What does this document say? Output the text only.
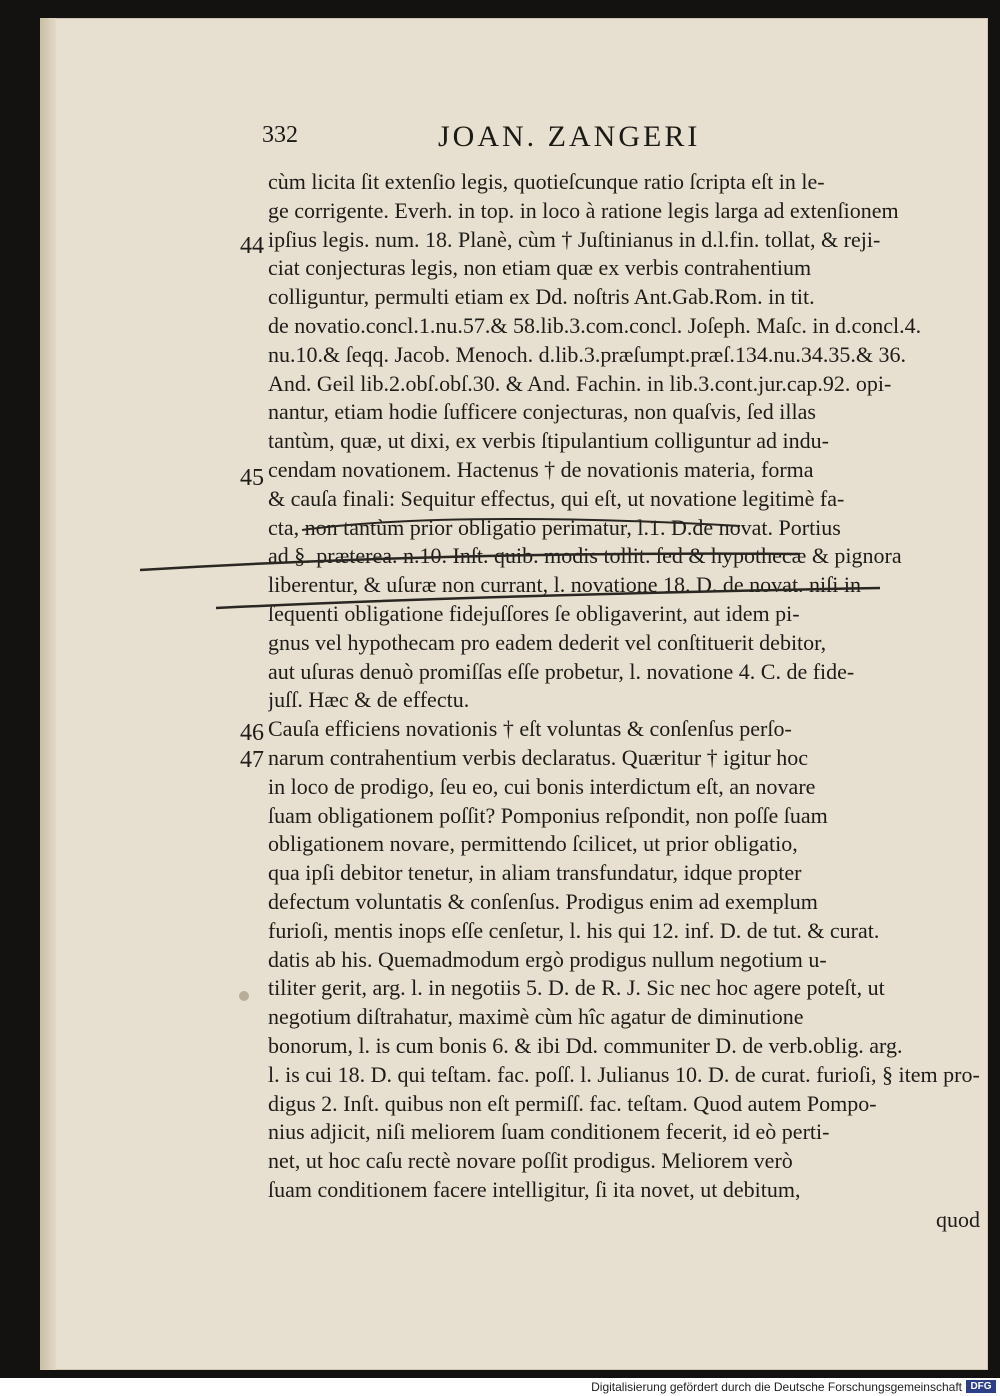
332	JOAN. ZANGERI
44
45
46
47
cùm licita ſit extenſio legis, quotieſcunque ratio ſcripta eſt in le-
ge corrigente. Everh. in top. in loco à ratione legis larga ad extenſionem
ipſius legis. num. 18. Planè, cùm † Juſtinianus in d.l.fin. tollat, & reji-
ciat conjecturas legis, non etiam quæ ex verbis contrahentium
colliguntur, permulti etiam ex Dd. noſtris Ant.Gab.Rom. in tit.
de novatio.concl.1.nu.57.& 58.lib.3.com.concl. Joſeph. Maſc. in d.concl.4.
nu.10.& ſeqq. Jacob. Menoch. d.lib.3.præſumpt.præſ.134.nu.34.35.& 36.
And. Geil lib.2.obſ.obſ.30. & And. Fachin. in lib.3.cont.jur.cap.92. opi-
nantur, etiam hodie ſufficere conjecturas, non quaſvis, ſed illas
tantùm, quæ, ut dixi, ex verbis ſtipulantium colliguntur ad indu-
cendam novationem. Hactenus † de novationis materia, forma
& cauſa finali: Sequitur effectus, qui eſt, ut novatione legitimè fa-
cta, non tantùm prior obligatio perimatur, l.1. D.de novat. Portius
ad §. præterea. n.10. Inſt. quib. modis tollit. ſed & hypothecæ & pignora
liberentur, & uſuræ non currant, l. novatione 18. D. de novat. niſi in
ſequenti obligatione fidejuſſores ſe obligaverint, aut idem pi-
gnus vel hypothecam pro eadem dederit vel conſtituerit debitor,
aut uſuras denuò promiſſas eſſe probetur, l. novatione 4. C. de fide-
juſſ. Hæc & de effectu.
Cauſa efficiens novationis † eſt voluntas & conſenſus perſo-
narum contrahentium verbis declaratus. Quæritur † igitur hoc
in loco de prodigo, ſeu eo, cui bonis interdictum eſt, an novare
ſuam obligationem poſſit? Pomponius reſpondit, non poſſe ſuam
obligationem novare, permittendo ſcilicet, ut prior obligatio,
qua ipſi debitor tenetur, in aliam transfundatur, idque propter
defectum voluntatis & conſenſus. Prodigus enim ad exemplum
furioſi, mentis inops eſſe cenſetur, l. his qui 12. inf. D. de tut. & curat.
datis ab his. Quemadmodum ergò prodigus nullum negotium u-
tiliter gerit, arg. l. in negotiis 5. D. de R. J. Sic nec hoc agere poteſt, ut
negotium diſtrahatur, maximè cùm hîc agatur de diminutione
bonorum, l. is cum bonis 6. & ibi Dd. communiter D. de verb.oblig. arg.
l. is cui 18. D. qui teſtam. fac. poſſ. l. Julianus 10. D. de curat. furioſi, § item pro-
digus 2. Inſt. quibus non eſt permiſſ. fac. teſtam. Quod autem Pompo-
nius adjicit, niſi meliorem ſuam conditionem fecerit, id eò perti-
net, ut hoc caſu rectè novare poſſit prodigus. Meliorem verò
ſuam conditionem facere intelligitur, ſi ita novet, ut debitum,
quod
Digitalisierung gefördert durch die Deutsche Forschungsgemeinschaft DFG
